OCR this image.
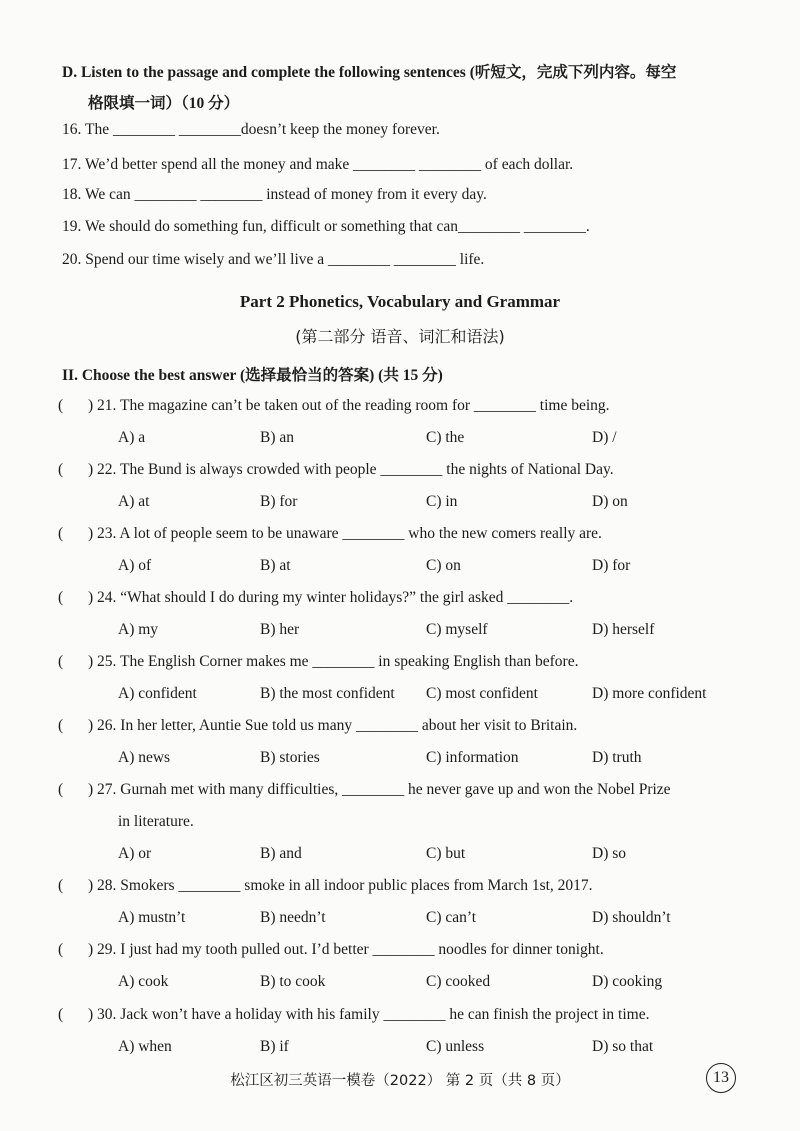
D. Listen to the passage and complete the following sentences (听短文，完成下列内容。每空
格限填一词）（10 分）
16. The ________ ________doesn’t keep the money forever.
17. We’d better spend all the money and make ________ ________ of each dollar.
18. We can ________ ________ instead of money from it every day.
19. We should do something fun, difficult or something that can________ ________.
20. Spend our time wisely and we’ll live a ________ ________ life.
Part 2 Phonetics, Vocabulary and Grammar
(第二部分 语音、词汇和语法)
II. Choose the best answer (选择最恰当的答案) (共 15 分)
( ) 21. The magazine can’t be taken out of the reading room for ________ time being.
A) a	B) an	C) the	D) /
( ) 22. The Bund is always crowded with people ________ the nights of National Day.
A) at	B) for	C) in	D) on
( ) 23. A lot of people seem to be unaware ________ who the new comers really are.
A) of	B) at	C) on	D) for
( ) 24. “What should I do during my winter holidays?” the girl asked ________.
A) my	B) her	C) myself	D) herself
( ) 25. The English Corner makes me ________ in speaking English than before.
A) confident	B) the most confident C) most confident	D) more confident
( ) 26. In her letter, Auntie Sue told us many ________ about her visit to Britain.
A) news	B) stories	C) information	D) truth
( ) 27. Gurnah met with many difficulties, ________ he never gave up and won the Nobel Prize
in literature.
A) or	B) and	C) but	D) so
( ) 28. Smokers ________ smoke in all indoor public places from March 1st, 2017.
A) mustn’t	B) needn’t	C) can’t	D) shouldn’t
( ) 29. I just had my tooth pulled out. I’d better ________ noodles for dinner tonight.
A) cook	B) to cook	C) cooked	D) cooking
( ) 30. Jack won’t have a holiday with his family ________ he can finish the project in time.
A) when	B) if	C) unless	D) so that
松江区初三英语一模卷（2022） 第 2 页（共 8 页）	13
